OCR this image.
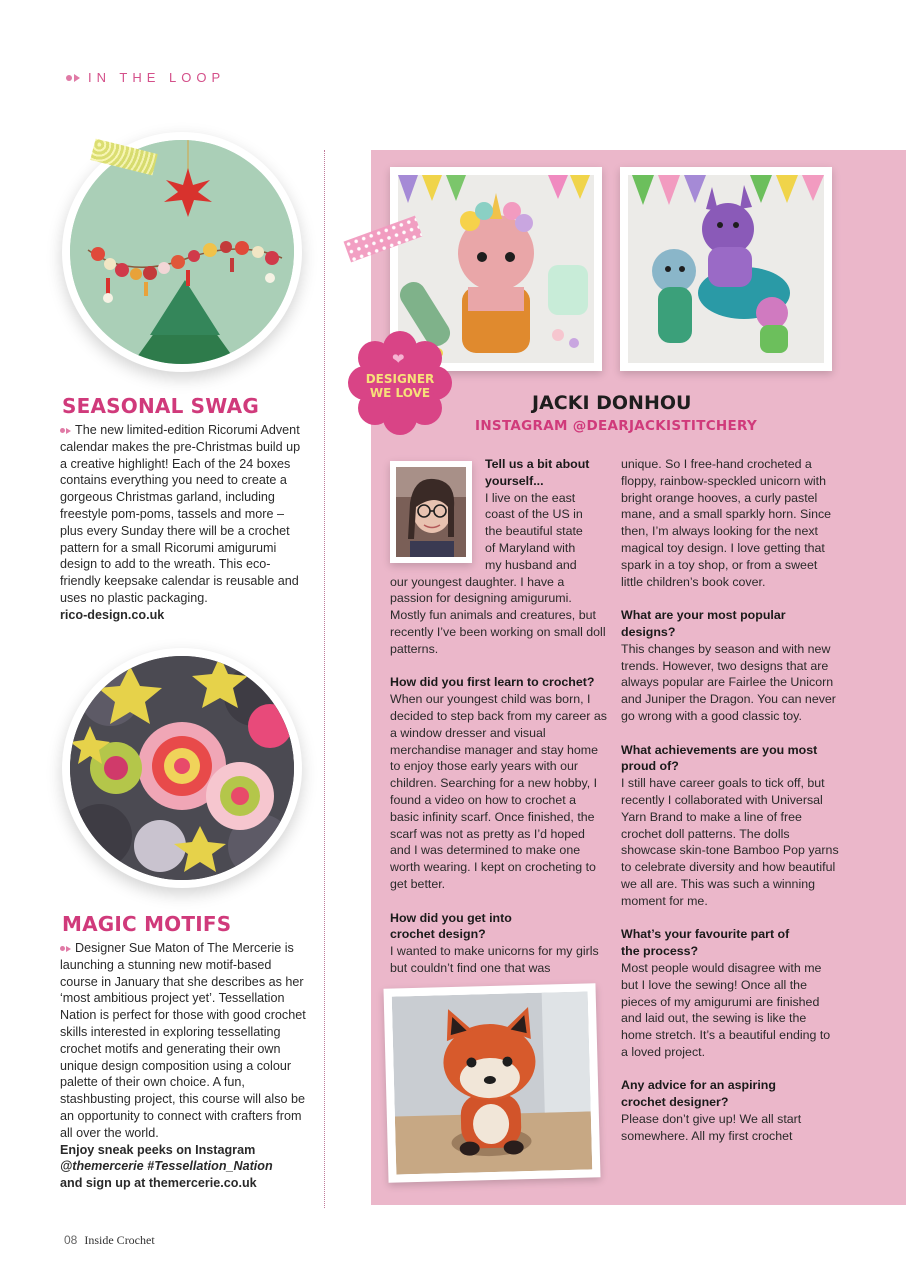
IN THE LOOP
SEASONAL SWAG
The new limited-edition Ricorumi Advent calendar makes the pre-Christmas build up a creative highlight! Each of the 24 boxes contains everything you need to create a gorgeous Christmas garland, including freestyle pom-poms, tassels and more – plus every Sunday there will be a crochet pattern for a small Ricorumi amigurumi design to add to the wreath. This eco-friendly keepsake calendar is reusable and uses no plastic packaging.
rico-design.co.uk
MAGIC MOTIFS
Designer Sue Maton of The Mercerie is launching a stunning new motif-based course in January that she describes as her ‘most ambitious project yet’. Tessellation Nation is perfect for those with good crochet skills interested in exploring tessellating crochet motifs and generating their own unique design composition using a colour palette of their own choice. A fun, stashbusting project, this course will also be an opportunity to connect with crafters from all over the world.
Enjoy sneak peeks on Instagram
@themercerie #Tessellation_Nation
and sign up at themercerie.co.uk
❤
DESIGNER
WE LOVE	JACKI DONHOU
INSTAGRAM @DEARJACKISTITCHERY

Tell us a bit about yourself...

I live on the east

coast of the US in

the beautiful state

of Maryland with

my husband and

our youngest daughter. I have a passion for designing amigurumi. Mostly fun animals and creatures, but recently I’ve been working on small doll patterns.

How did you first learn to crochet?

When our youngest child was born, I decided to step back from my career as a window dresser and visual merchandise manager and stay home to enjoy those early years with our children. Searching for a new hobby, I found a video on how to crochet a basic infinity scarf. Once finished, the scarf was not as pretty as I’d hoped and I was determined to make one worth wearing. I kept on crocheting to get better.

How did you get into crochet design?

I wanted to make unicorns for my girls but couldn’t find one that was

unique. So I free-hand crocheted a floppy, rainbow-speckled unicorn with bright orange hooves, a curly pastel mane, and a small sparkly horn. Since then, I’m always looking for the next magical toy design. I love getting that spark in a toy shop, or from a sweet little children’s book cover.

What are your most popular designs?

This changes by season and with new trends. However, two designs that are always popular are Fairlee the Unicorn and Juniper the Dragon. You can never go wrong with a good classic toy.

What achievements are you most proud of?

I still have career goals to tick off, but recently I collaborated with Universal Yarn Brand to make a line of free crochet doll patterns. The dolls showcase skin-tone Bamboo Pop yarns to celebrate diversity and how beautiful we all are. This was such a winning moment for me.

What’s your favourite part of the process?

Most people would disagree with me but I love the sewing! Once all the pieces of my amigurumi are finished and laid out, the sewing is like the home stretch. It’s a beautiful ending to a loved project.

Any advice for an aspiring crochet designer?

Please don’t give up! We all start somewhere. All my first crochet

08 Inside Crochet
